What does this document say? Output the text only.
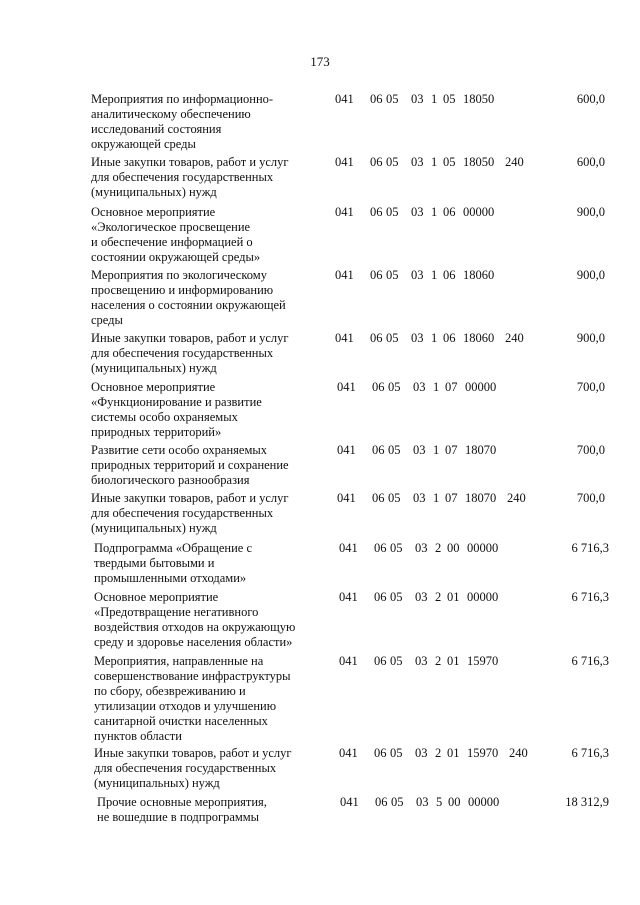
173
Мероприятия по информационно-
аналитическому обеспечению
исследований состояния
окружающей среды
041 06 05 03 1 05 18050	600,0
Иные закупки товаров, работ и услуг
для обеспечения государственных
(муниципальных) нужд
041 06 05 03 1 05 18050 240	600,0
Основное мероприятие
«Экологическое просвещение
и обеспечение информацией о
состоянии окружающей среды»
041 06 05 03 1 06 00000	900,0
Мероприятия по экологическому
просвещению и информированию
населения о состоянии окружающей
среды
041 06 05 03 1 06 18060	900,0
Иные закупки товаров, работ и услуг
для обеспечения государственных
(муниципальных) нужд
041 06 05 03 1 06 18060 240	900,0
Основное мероприятие
«Функционирование и развитие
системы особо охраняемых
природных территорий»
041 06 05 03 1 07 00000	700,0
Развитие сети особо охраняемых
природных территорий и сохранение
биологического разнообразия
041 06 05 03 1 07 18070	700,0
Иные закупки товаров, работ и услуг
для обеспечения государственных
(муниципальных) нужд
041 06 05 03 1 07 18070 240	700,0
Подпрограмма «Обращение с
твердыми бытовыми и
промышленными отходами»
041 06 05 03 2 00 00000	6 716,3
Основное мероприятие
«Предотвращение негативного
воздействия отходов на окружающую
среду и здоровье населения области»
041 06 05 03 2 01 00000	6 716,3
Мероприятия, направленные на
совершенствование инфраструктуры
по сбору, обезвреживанию и
утилизации отходов и улучшению
санитарной очистки населенных
пунктов области
041 06 05 03 2 01 15970	6 716,3
Иные закупки товаров, работ и услуг
для обеспечения государственных
(муниципальных) нужд
041 06 05 03 2 01 15970 240	6 716,3
Прочие основные мероприятия,
не вошедшие в подпрограммы
041 06 05 03 5 00 00000	18 312,9
